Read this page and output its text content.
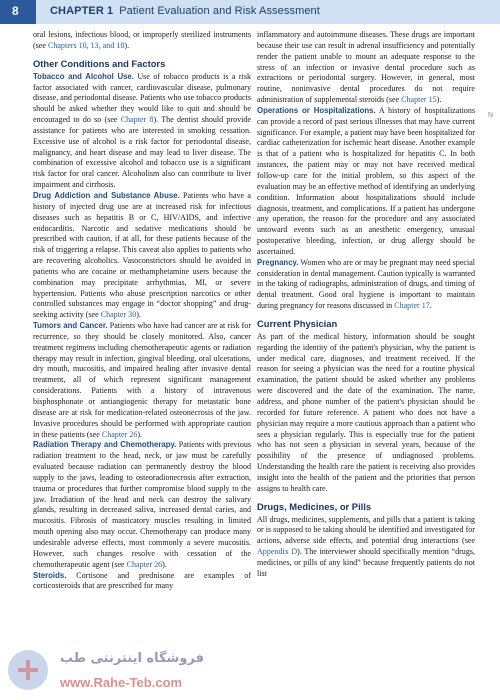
8	CHAPTER 1 Patient Evaluation and Risk Assessment
N

oral lesions, infectious blood, or improperly sterilized instruments (see Chapters 10, 13, and 18).

Other Conditions and Factors

Tobacco and Alcohol Use. Use of tobacco products is a risk factor associated with cancer, cardiovascular disease, pulmonary disease, and periodontal disease. Patients who use tobacco products should be asked whether they would like to quit and should be encouraged to do so (see Chapter 8). The dentist should provide assistance for patients who are interested in smoking cessation. Excessive use of alcohol is a risk factor for periodontal disease, malignancy, and heart disease and may lead to liver disease. The combination of excessive alcohol and tobacco use is a significant risk factor for oral cancer. Alcoholism also can contribute to liver impairment and cirrhosis.

Drug Addiction and Substance Abuse. Patients who have a history of injected drug use are at increased risk for infectious diseases such as hepatitis B or C, HIV/AIDS, and infective endocarditis. Narcotic and sedative medications should be prescribed with caution, if at all, for these patients because of the risk of triggering a relapse. This caveat also applies to patients who are recovering alcoholics. Vasoconstrictors should be avoided in patients who are cocaine or methamphetamine users because the combination may precipitate arrhythmias, MI, or severe hypertension. Patients who abuse prescription narcotics or other controlled substances may engage in “doctor shopping” and drug-seeking activity (see Chapter 30).

Tumors and Cancer. Patients who have had cancer are at risk for recurrence, so they should be closely monitored. Also, cancer treatment regimens including chemotherapeutic agents or radiation therapy may result in infection, gingival bleeding, oral ulcerations, dry mouth, mucositis, and impaired healing after invasive dental treatment, all of which represent significant management considerations. Patients with a history of intravenous bisphosphonate or antiangiogenic therapy for metastatic bone disease are at risk for medication-related osteonecrosis of the jaw. Invasive procedures should be performed with appropriate caution in these patients (see Chapter 26).

Radiation Therapy and Chemotherapy. Patients with previous radiation treatment to the head, neck, or jaw must be carefully evaluated because radiation can permanently destroy the blood supply to the jaws, leading to osteoradionecrosis after extraction, trauma or procedures that further compromise blood supply to the jaw. Irradiation of the head and neck can destroy the salivary glands, resulting in decreased saliva, increased dental caries, and mucositis. Fibrosis of masticatory muscles resulting in limited mouth opening also may occur. Chemotherapy can produce many undesirable adverse effects, most commonly a severe mucositis. However, such changes resolve with cessation of the chemotherapeutic agent (see Chapter 26).

Steroids. Cortisone and prednisone are examples of corticosteroids that are prescribed for many

inflammatory and autoimmune diseases. These drugs are important because their use can result in adrenal insufficiency and potentially render the patient unable to mount an adequate response to the stress of an infection or invasive dental procedure such as extractions or periodontal surgery. However, in general, most routine, noninvasive dental procedures do not require administration of supplemental steroids (see Chapter 15).

Operations or Hospitalizations. A history of hospitalizations can provide a record of past serious illnesses that may have current significance. For example, a patient may have been hospitalized for cardiac catheterization for ischemic heart disease. Another example is that of a patient who is hospitalized for hepatitis C. In both instances, the patient may or may not have received medical follow-up care for the initial problem, so this aspect of the evaluation may be an effective method of identifying an underlying condition. Information about hospitalizations should include diagnosis, treatment, and complications. If a patient has undergone any operation, the reason for the procedure and any associated untoward events such as an anesthetic emergency, unusual postoperative bleeding, infection, or drug allergy should be ascertained.

Pregnancy. Women who are or may be pregnant may need special consideration in dental management. Caution typically is warranted in the taking of radiographs, administration of drugs, and timing of dental treatment. Good oral hygiene is important to maintain during pregnancy for reasons discussed in Chapter 17.

Current Physician

As part of the medical history, information should be sought regarding the identity of the patient's physician, why the patient is under medical care, diagnoses, and treatment received. If the reason for seeing a physician was the need for a routine physical examination, the patient should be asked whether any problems were discovered and the date of the examination. The name, address, and phone number of the patient's physician should be recorded for future reference. A patient who does not have a physician may require a more cautious approach than a patient who sees a physician regularly. This is especially true for the patient who has not seen a physician in several years, because of the possibility of the presence of undiagnosed problems. Understanding the health care the patient is receiving also provides insight into the health of the patient and the priorities that person assigns to health care.

Drugs, Medicines, or Pills

All drugs, medicines, supplements, and pills that a patient is taking or is supposed to be taking should be identified and investigated for actions, adverse side effects, and potential drug interactions (see Appendix D). The interviewer should specifically mention “drugs, medicines, or pills of any kind” because frequently patients do not list

فروشگاه اینترنتی طب
www.Rahe-Teb.com
